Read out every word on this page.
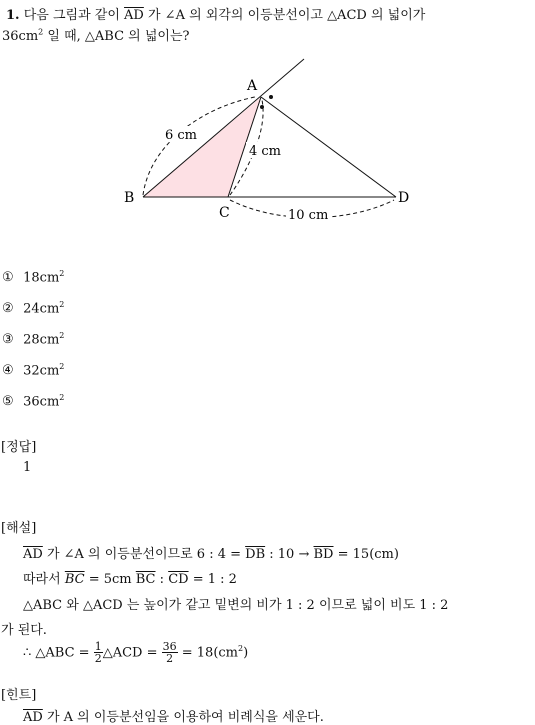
1. 다음 그림과 같이 $\overline{AD}$ 가 ∠A 의 외각의 이등분선이고 △ACD 의 넓이가
$36cm^2$ 일 때, △ABC 의 넓이는?
A
B
C
D
6 cm
4 cm
10 cm
① $18cm^2$
② $24cm^2$
③ $28cm^2$
④ $32cm^2$
⑤ $36cm^2$
[정답]
1
[해설]
$\overline{AD}$ 가 ∠A 의 이등분선이므로 6 : $4 = \overline{DB}$ : $10 \to \overline{BD} = 15(cm)$
따라서 $\overline{BC} = 5cm$ $\overline{BC}$ : $\overline{CD} = 1$ : 2
△ABC 와 △ACD 는 높이가 같고 밑변의 비가 1 : 2 이므로 넓이 비도 1 : 2
가 된다.
∴ △ABC = $\frac{1}{2}$ △ACD = $\frac{36}{2} = 18(cm^2)$
[힌트]
$\overline{AD}$ 가 A 의 이등분선임을 이용하여 비례식을 세운다.
